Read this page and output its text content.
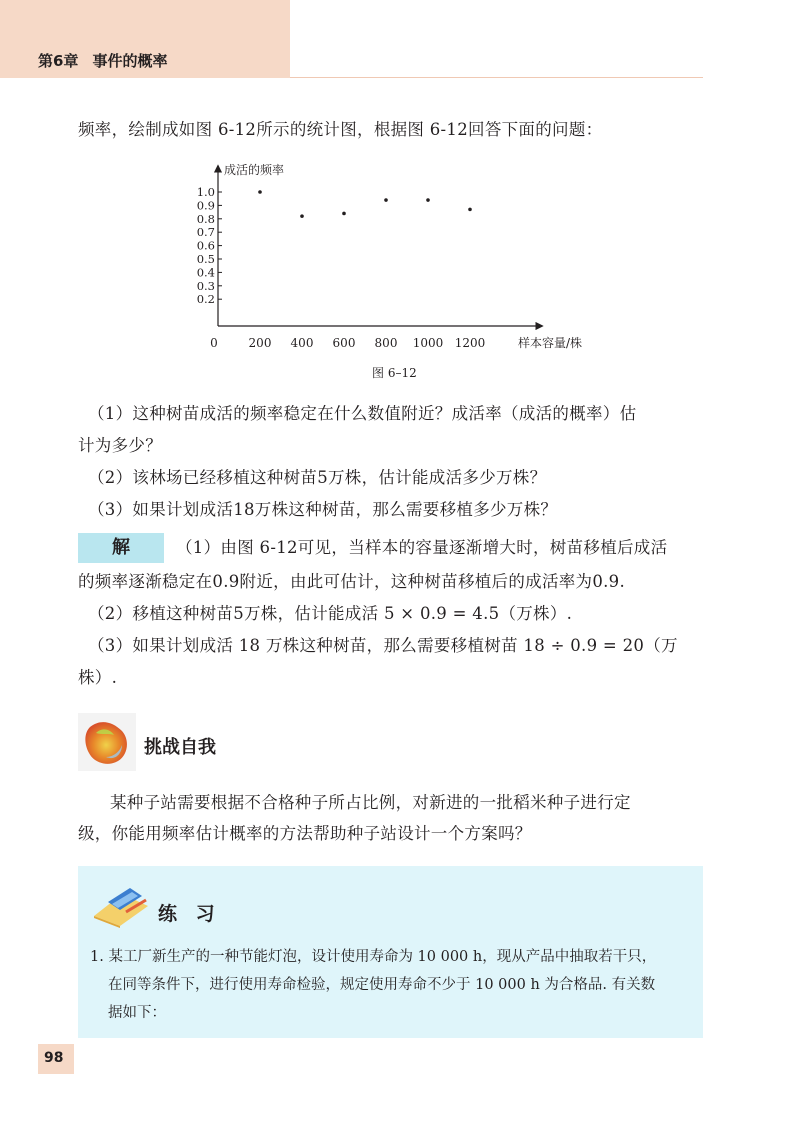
第6章 事件的概率
频率，绘制成如图 6-12所示的统计图，根据图 6-12回答下面的问题：
成活的频率
样本容量/株
0	200 400 600 800 1000 1200
0.2
0.3
0.4
0.5
0.6
0.7
0.8
0.9
1.0
图 6–12
（1）这种树苗成活的频率稳定在什么数值附近？成活率（成活的概率）估
计为多少？
（2）该林场已经移植这种树苗5万株，估计能成活多少万株？
（3）如果计划成活18万株这种树苗，那么需要移植多少万株？
解	（1）由图 6-12可见，当样本的容量逐渐增大时，树苗移植后成活
的频率逐渐稳定在0.9附近，由此可估计，这种树苗移植后的成活率为0.9.
（2）移植这种树苗5万株，估计能成活 5 × 0.9 = 4.5（万株）.
（3）如果计划成活 18 万株这种树苗，那么需要移植树苗 18 ÷ 0.9 = 20（万
株）.
挑战自我
某种子站需要根据不合格种子所占比例，对新进的一批稻米种子进行定
级，你能用频率估计概率的方法帮助种子站设计一个方案吗？
练 习
1. 某工厂新生产的一种节能灯泡，设计使用寿命为 10 000 h，现从产品中抽取若干只，
在同等条件下，进行使用寿命检验，规定使用寿命不少于 10 000 h 为合格品. 有关数
据如下：
98
